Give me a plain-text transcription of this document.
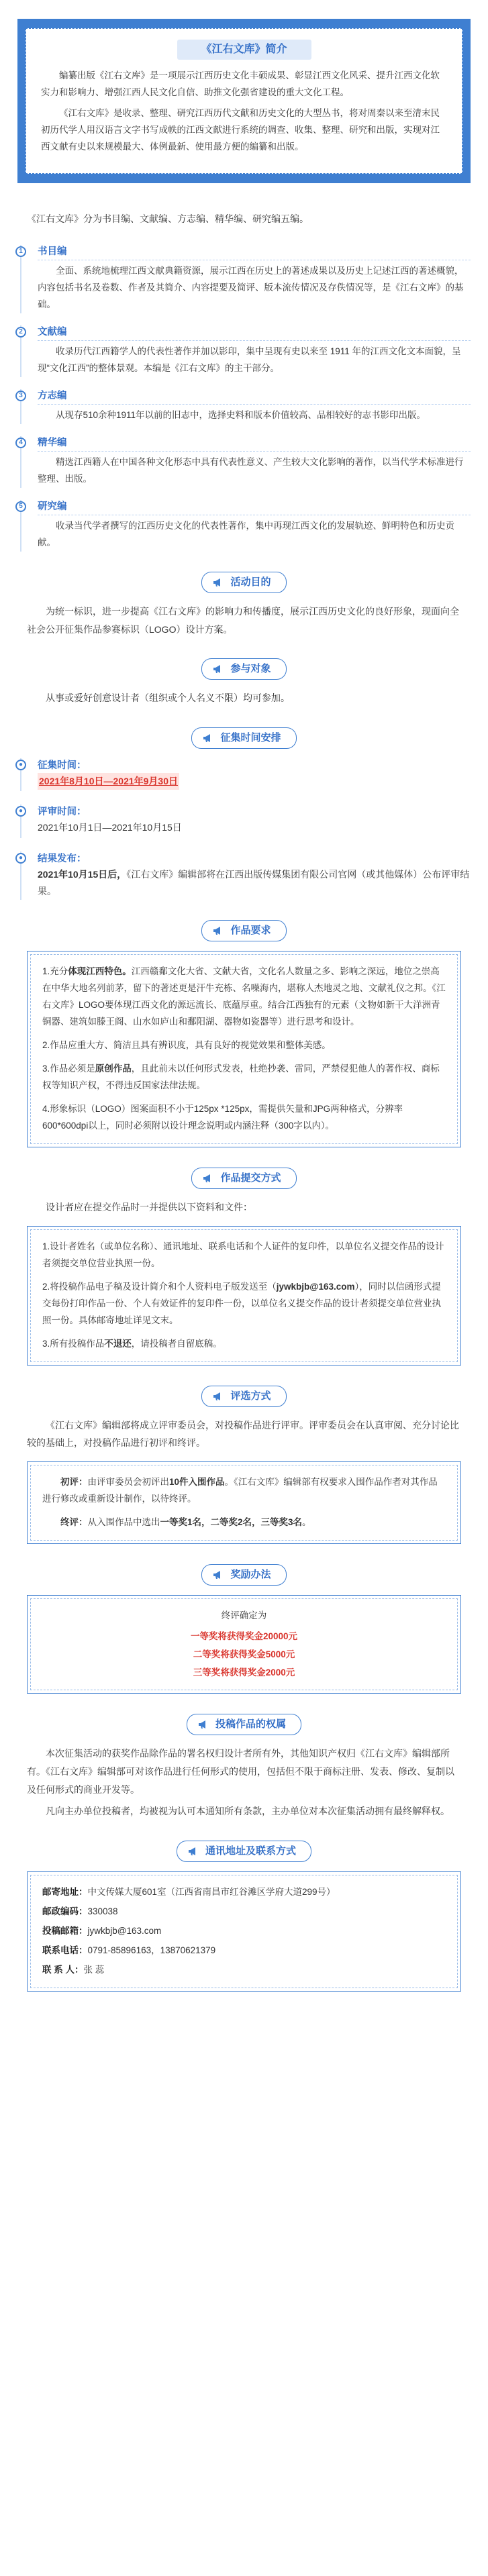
《江右文库》简介

编纂出版《江右文库》是一项展示江西历史文化丰硕成果、彰显江西文化风采、提升江西文化软实力和影响力、增强江西人民文化自信、助推文化强省建设的重大文化工程。

《江右文库》是收录、整理、研究江西历代文献和历史文化的大型丛书，将对周秦以来至清末民初历代学人用汉语言文字书写成帙的江西文献进行系统的调查、收集、整理、研究和出版，实现对江西文献有史以来规模最大、体例最新、使用最方便的编纂和出版。

《江右文库》分为书目编、文献编、方志编、精华编、研究编五编。

1	书目编

全面、系统地梳理江西文献典籍资源，展示江西在历史上的著述成果以及历史上记述江西的著述概貌，内容包括书名及卷数、作者及其简介、内容提要及简评、版本流传情况及存佚情况等，是《江右文库》的基础。

2	文献编

收录历代江西籍学人的代表性著作并加以影印，集中呈现有史以来至 1911 年的江西文化文本面貌，呈现“文化江西”的整体景观。本编是《江右文库》的主干部分。

3	方志编

从现存510余种1911年以前的旧志中，选择史料和版本价值较高、品相较好的志书影印出版。

4	精华编

精选江西籍人在中国各种文化形态中具有代表性意义、产生较大文化影响的著作，以当代学术标准进行整理、出版。

5	研究编

收录当代学者撰写的江西历史文化的代表性著作，集中再现江西文化的发展轨迹、鲜明特色和历史贡献。

活动目的

为统一标识，进一步提高《江右文库》的影响力和传播度，展示江西历史文化的良好形象，现面向全社会公开征集作品参赛标识（LOGO）设计方案。

参与对象

从事或爱好创意设计者（组织或个人名义不限）均可参加。

征集时间安排
●	征集时间：
2021年8月10日—2021年9月30日
●	评审时间：
2021年10月1日—2021年10月15日
●	结果发布：

2021年10月15日后，《江右文库》编辑部将在江西出版传媒集团有限公司官网（或其他媒体）公布评审结果。

作品要求

1.充分体现江西特色。江西赣鄱文化大省、文献大省，文化名人数量之多、影响之深远，地位之崇高在中华大地名列前茅，留下的著述更是汗牛充栋、名噪海内，堪称人杰地灵之地、文献礼仪之邦。《江右文库》LOGO要体现江西文化的源远流长、底蕴厚重。结合江西独有的元素（文物如新干大洋洲青铜器、建筑如滕王阁、山水如庐山和鄱阳湖、器物如瓷器等）进行思考和设计。

2.作品应重大方、简洁且具有辨识度，具有良好的视觉效果和整体美感。

3.作品必须是原创作品，且此前未以任何形式发表，杜绝抄袭、雷同，严禁侵犯他人的著作权、商标权等知识产权，不得违反国家法律法规。

4.形象标识（LOGO）图案面积不小于125px *125px，需提供矢量和JPG两种格式，分辨率600*600dpi以上，同时必须附以设计理念说明或内涵注释（300字以内）。

作品提交方式

设计者应在提交作品时一并提供以下资料和文件：

1.设计者姓名（或单位名称）、通讯地址、联系电话和个人证件的复印件，以单位名义提交作品的设计者须提交单位营业执照一份。

2.将投稿作品电子稿及设计简介和个人资料电子版发送至（jywkbjb@163.com），同时以信函形式提交每份打印作品一份、个人有效证件的复印件一份，以单位名义提交作品的设计者须提交单位营业执照一份。具体邮寄地址详见文末。

3.所有投稿作品不退还，请投稿者自留底稿。

评选方式

《江右文库》编辑部将成立评审委员会，对投稿作品进行评审。评审委员会在认真审阅、充分讨论比较的基础上，对投稿作品进行初评和终评。

初评：由评审委员会初评出10件入围作品。《江右文库》编辑部有权要求入围作品作者对其作品进行修改或重新设计制作，以待终评。

终评：从入围作品中选出一等奖1名，二等奖2名，三等奖3名。

奖励办法

终评确定为

一等奖将获得奖金20000元

二等奖将获得奖金5000元

三等奖将获得奖金2000元

投稿作品的权属

本次征集活动的获奖作品除作品的署名权归设计者所有外，其他知识产权归《江右文库》编辑部所有。《江右文库》编辑部可对该作品进行任何形式的使用，包括但不限于商标注册、发表、修改、复制以及任何形式的商业开发等。

凡向主办单位投稿者，均被视为认可本通知所有条款，主办单位对本次征集活动拥有最终解释权。

通讯地址及联系方式

邮寄地址：中文传媒大厦601室（江西省南昌市红谷滩区学府大道299号）

邮政编码：330038

投稿邮箱：jywkbjb@163.com

联系电话：0791-85896163，13870621379

联 系 人：张 蕊
